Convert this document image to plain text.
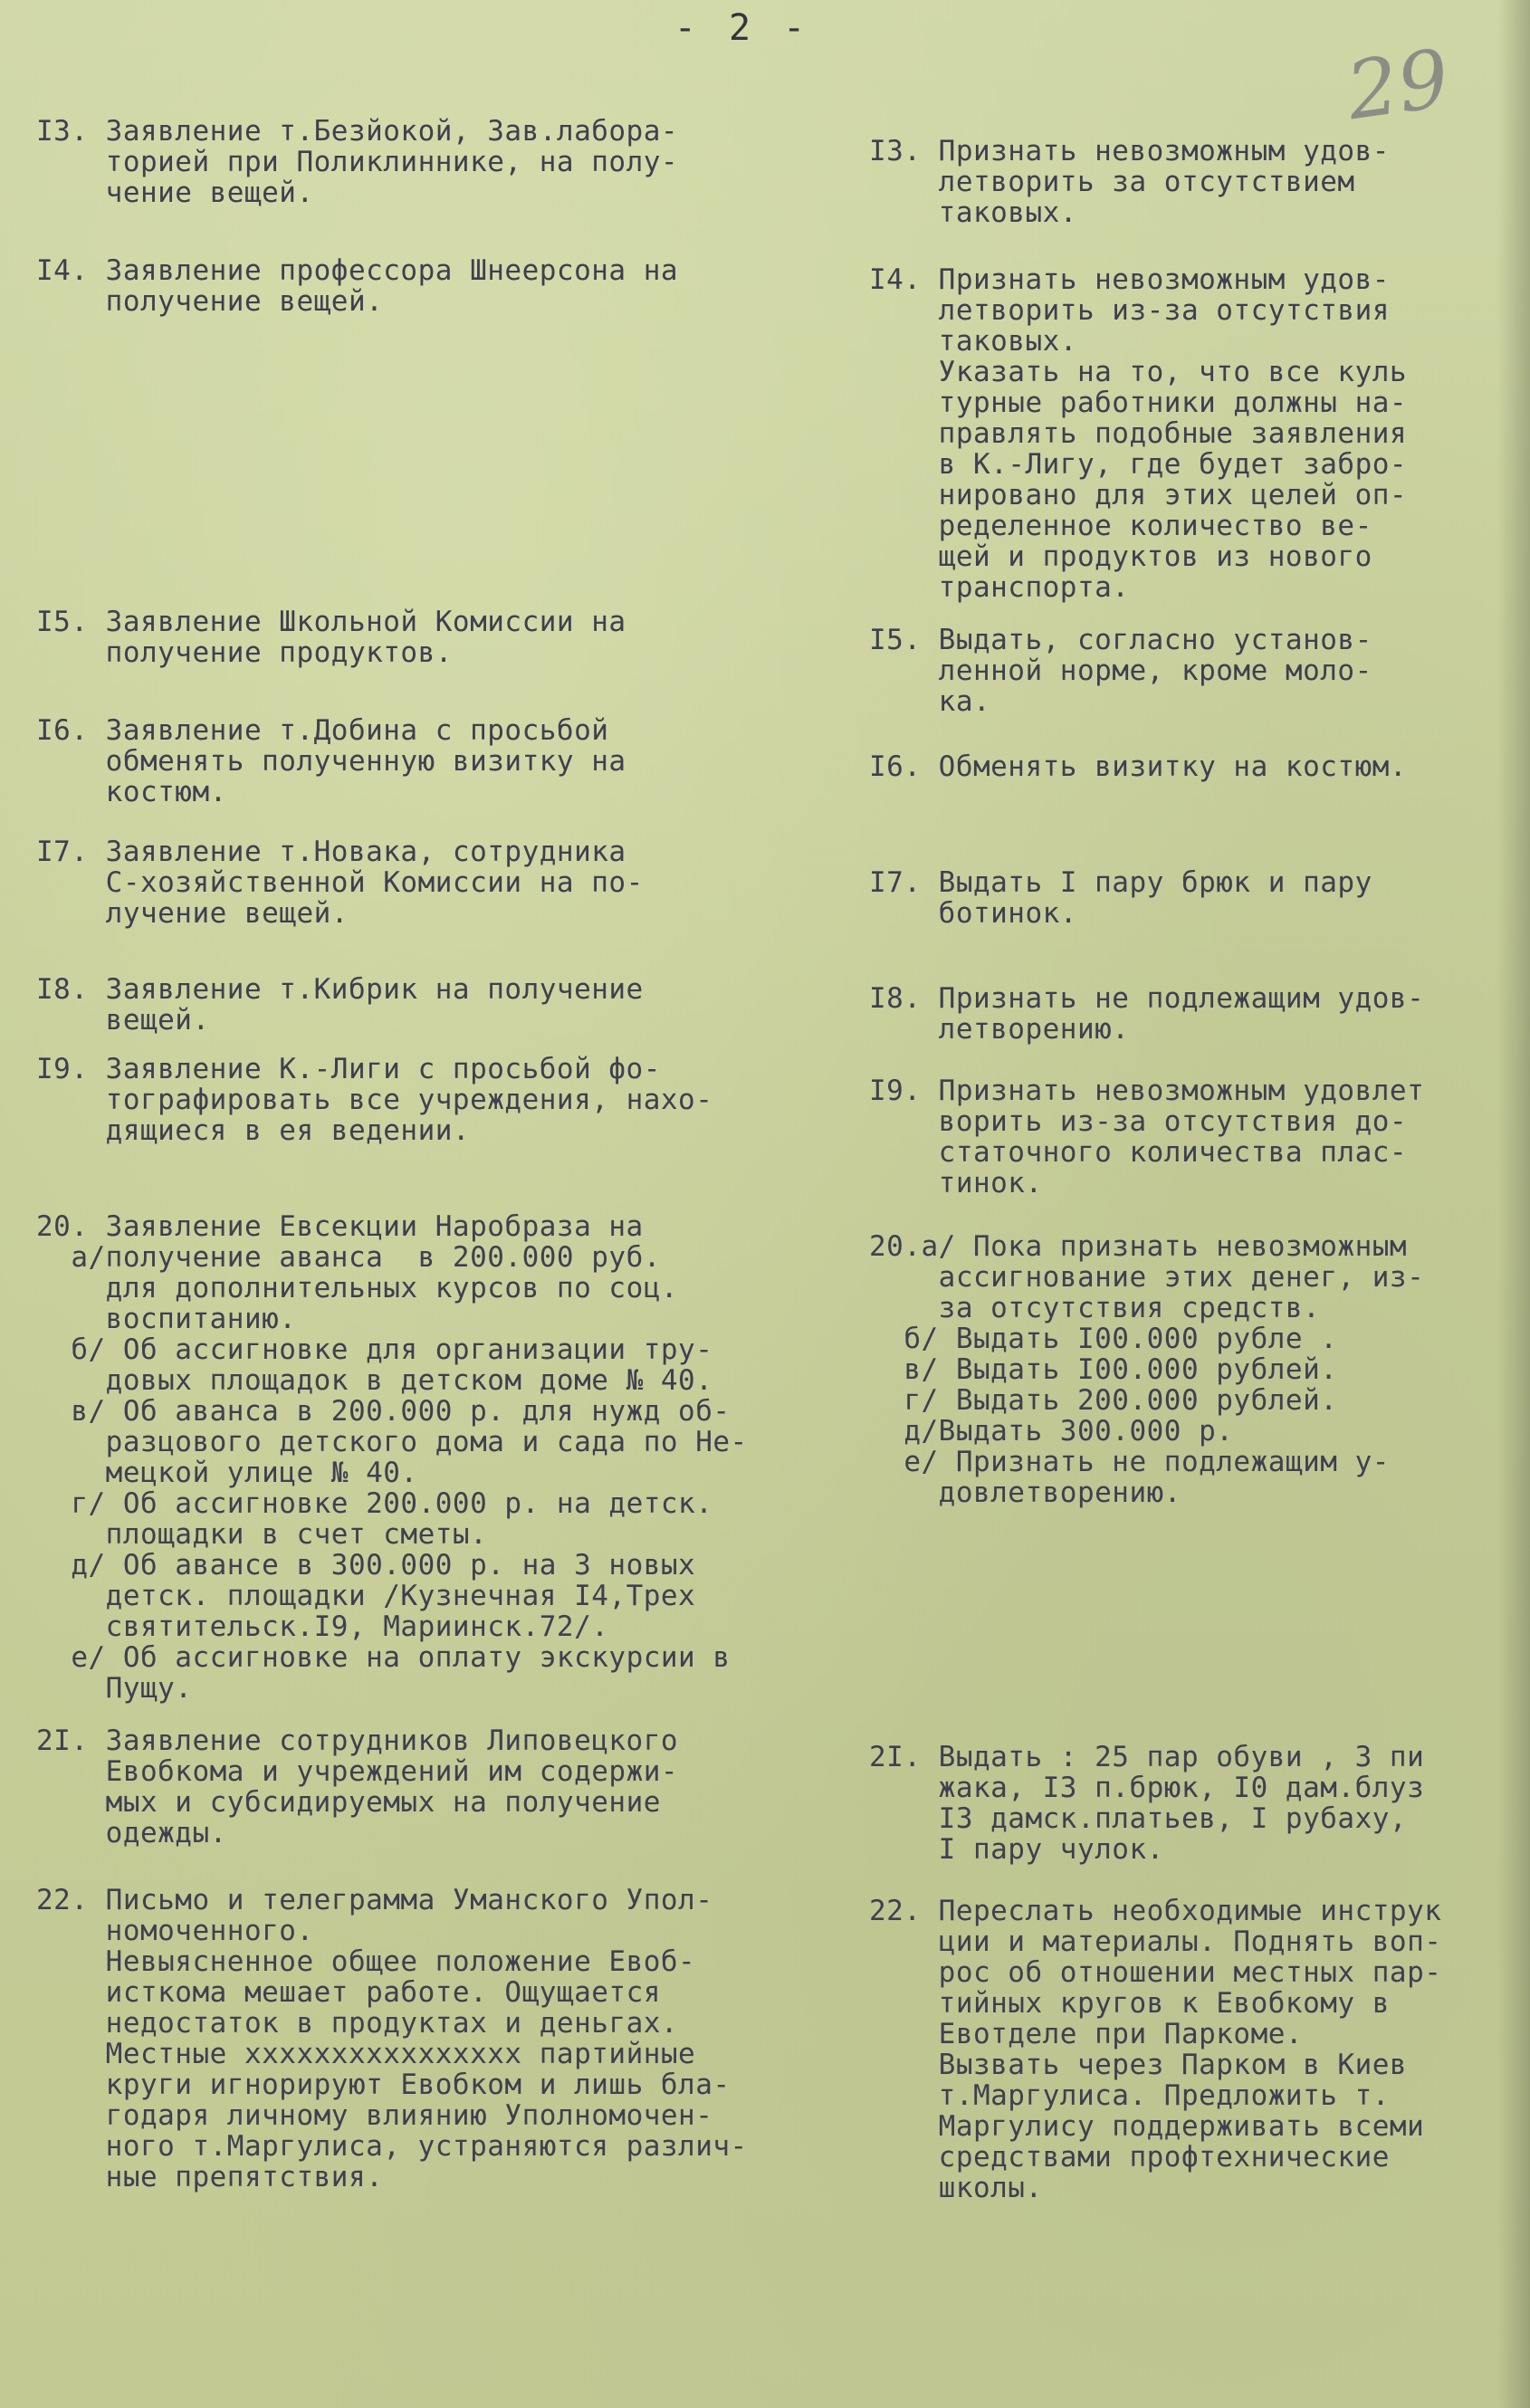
- 2 -
29
I3. Заявление т.Безйокой, Зав.лабора-
торией при Поликлиннике, на полу-
чение вещей.
I3. Признать невозможным удов-
летворить за отсутствием
таковых.
I4. Заявление профессора Шнеерсона на
получение вещей.
I4. Признать невозможным удов-
летворить из-за отсутствия
таковых.
Указать на то, что все куль
турные работники должны на-
правлять подобные заявления
в К.-Лигу, где будет забро-
нировано для этих целей оп-
ределенное количество ве-
щей и продуктов из нового
транспорта.
I5. Заявление Школьной Комиссии на
получение продуктов.	I5. Выдать, согласно установ-
ленной норме, кроме моло-
ка.
I6. Заявление т.Добина с просьбой
обменять полученную визитку на
костюм.
I6. Обменять визитку на костюм.
I7. Заявление т.Новака, сотрудника
С-хозяйственной Комиссии на по-
лучение вещей.
I7. Выдать I пару брюк и пару
ботинок.
I8. Заявление т.Кибрик на получение
вещей.
I8. Признать не подлежащим удов-
летворению.
I9. Заявление К.-Лиги с просьбой фо-
тографировать все учреждения, нахо-
дящиеся в ея ведении.
I9. Признать невозможным удовлет
ворить из-за отсутствия до-
статочного количества плас-
тинок.
20. Заявление Евсекции Наробраза на
а/получение аванса  в 200.000 руб.
для дополнительных курсов по соц.
воспитанию.
б/ Об ассигновке для организации тру-
довых площадок в детском доме № 40.
в/ Об аванса в 200.000 р. для нужд об-
разцового детского дома и сада по Не-
мецкой улице № 40.
г/ Об ассигновке 200.000 р. на детск.
площадки в счет сметы.
д/ Об авансе в 300.000 р. на 3 новых
детск. площадки /Кузнечная I4,Трех
святительск.I9, Мариинск.72/.
е/ Об ассигновке на оплату экскурсии в
Пущу.
20.а/ Пока признать невозможным
ассигнование этих денег, из-
за отсутствия средств.
б/ Выдать I00.000 рубле .
в/ Выдать I00.000 рублей.
г/ Выдать 200.000 рублей.
д/Выдать 300.000 р.
е/ Признать не подлежащим у-
довлетворению.
2I. Заявление сотрудников Липовецкого
Евобкома и учреждений им содержи-
мых и субсидируемых на получение
одежды.
2I. Выдать : 25 пар обуви , 3 пи
жака, I3 п.брюк, I0 дам.блуз
I3 дамск.платьев, I рубаху,
I пару чулок.
22. Письмо и телеграмма Уманского Упол-
номоченного.
Невыясненное общее положение Евоб-
исткома мешает работе. Ощущается
недостаток в продуктах и деньгах.
Местные xxxxxxxxxxxxxxxx партийные
круги игнорируют Евобком и лишь бла-
годаря личному влиянию Уполномочен-
ного т.Маргулиса, устраняются различ-
ные препятствия.
22. Переслать необходимые инструк
ции и материалы. Поднять воп-
рос об отношении местных пар-
тийных кругов к Евобкому в
Евотделе при Паркоме.
Вызвать через Парком в Киев
т.Маргулиса. Предложить т.
Маргулису поддерживать всеми
средствами профтехнические
школы.
